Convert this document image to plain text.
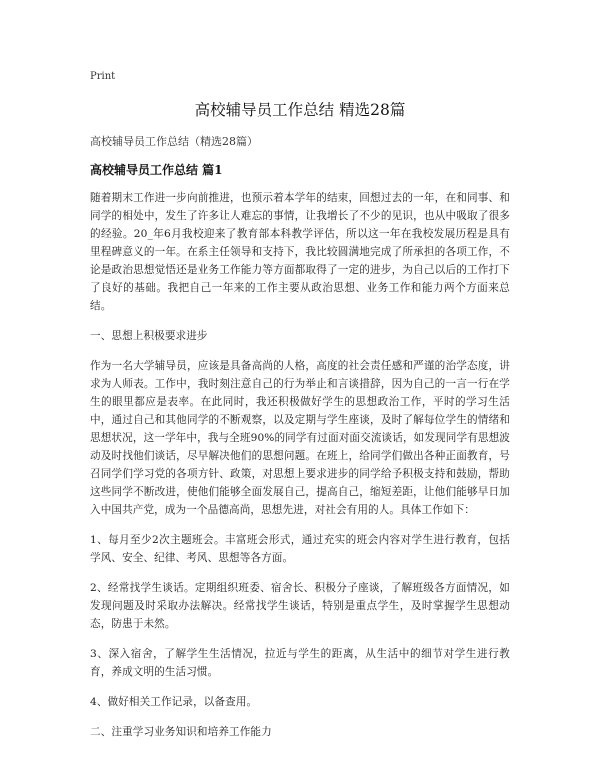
Print
高校辅导员工作总结 精选28篇
高校辅导员工作总结（精选28篇）
高校辅导员工作总结 篇1

随着期末工作进一步向前推进，也预示着本学年的结束，回想过去的一年，在和同事、和同学的相处中，发生了许多让人难忘的事情，让我增长了不少的见识，也从中吸取了很多的经验。20_年6月我校迎来了教育部本科教学评估，所以这一年在我校发展历程是具有里程碑意义的一年。在系主任领导和支持下，我比较圆满地完成了所承担的各项工作，不论是政治思想觉悟还是业务工作能力等方面都取得了一定的进步，为自己以后的工作打下了良好的基础。我把自己一年来的工作主要从政治思想、业务工作和能力两个方面来总结。

一、思想上积极要求进步

作为一名大学辅导员，应该是具备高尚的人格，高度的社会责任感和严谨的治学态度，讲求为人师表。工作中，我时刻注意自己的行为举止和言谈措辞，因为自己的一言一行在学生的眼里都应是表率。在此同时，我还积极做好学生的思想政治工作，平时的学习生活中，通过自己和其他同学的不断观察，以及定期与学生座谈，及时了解每位学生的情绪和思想状况，这一学年中，我与全班90%的同学有过面对面交流谈话，如发现同学有思想波动及时找他们谈话，尽早解决他们的思想问题。在班上，给同学们做出各种正面教育，号召同学们学习党的各项方针、政策，对思想上要求进步的同学给予积极支持和鼓励，帮助这些同学不断改进，使他们能够全面发展自己，提高自己，缩短差距，让他们能够早日加入中国共产党，成为一个品德高尚，思想先进，对社会有用的人。具体工作如下：

1、每月至少2次主题班会。丰富班会形式，通过充实的班会内容对学生进行教育，包括学风、安全、纪律、考风、思想等各方面。

2、经常找学生谈话。定期组织班委、宿舍长、积极分子座谈，了解班级各方面情况，如发现问题及时采取办法解决。经常找学生谈话，特别是重点学生，及时掌握学生思想动态，防患于未然。

3、深入宿舍，了解学生生活情况，拉近与学生的距离，从生活中的细节对学生进行教育，养成文明的生活习惯。

4、做好相关工作记录，以备查用。

二、注重学习业务知识和培养工作能力
